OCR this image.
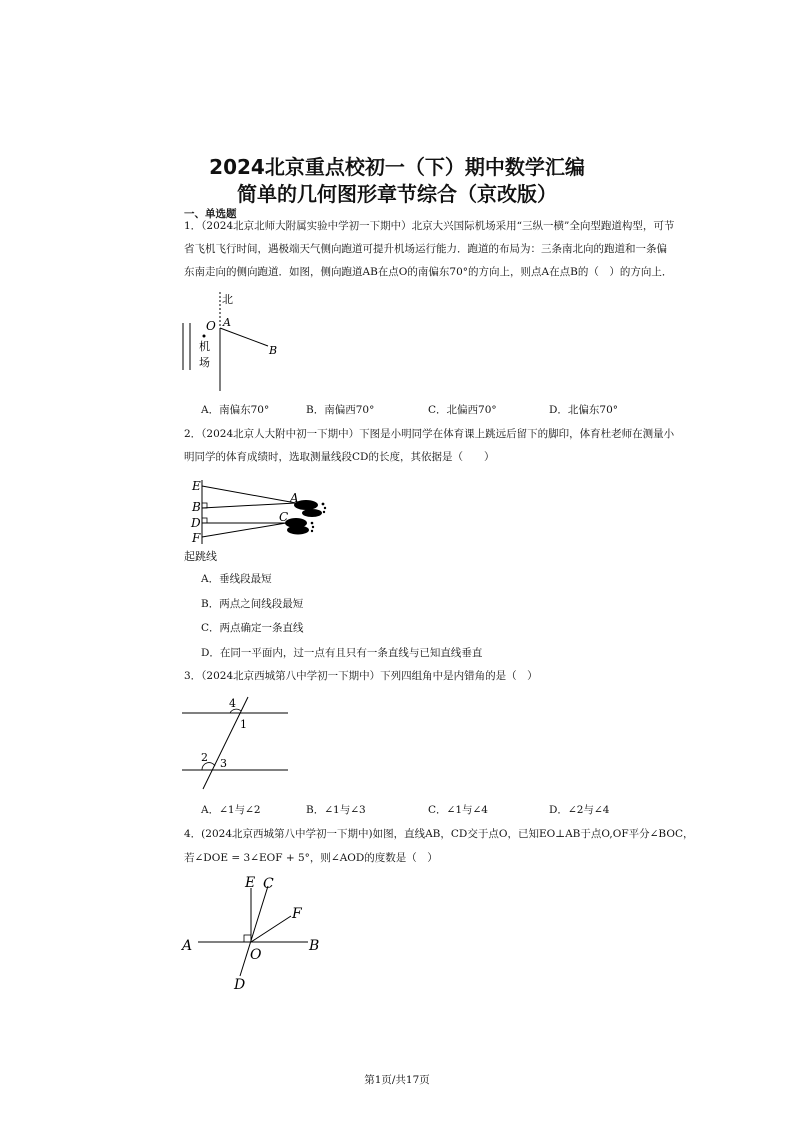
2024北京重点校初一（下）期中数学汇编
简单的几何图形章节综合（京改版）
一、单选题
1．（2024北京北师大附属实验中学初一下期中）北京大兴国际机场采用“三纵一横”全向型跑道构型，可节
省飞机飞行时间，遇极端天气侧向跑道可提升机场运行能力．跑道的布局为：三条南北向的跑道和一条偏
东南走向的侧向跑道．如图，侧向跑道AB在点O的南偏东70°的方向上，则点A在点B的（　）的方向上．
北
O A
B
机
场
A．南偏东70°	B．南偏西70°	C．北偏西70°	D．北偏东70°
2．（2024北京人大附中初一下期中）下图是小明同学在体育课上跳远后留下的脚印，体育杜老师在测量小
明同学的体育成绩时，选取测量线段CD的长度，其依据是（　　）
E
B
D
F
A
C
起跳线
A．垂线段最短
B．两点之间线段最短
C．两点确定一条直线
D．在同一平面内，过一点有且只有一条直线与已知直线垂直
3．（2024北京西城第八中学初一下期中）下列四组角中是内错角的是（　）
4
1
2 3
A．∠1与∠2	B．∠1与∠3	C．∠1与∠4	D．∠2与∠4
4．(2024北京西城第八中学初一下期中)如图，直线AB，CD交于点O，已知EO⊥AB于点O,OF平分∠BOC，
若∠DOE = 3∠EOF + 5°，则∠AOD的度数是（　）
E C
F
A
O
B
D
第1页/共17页
